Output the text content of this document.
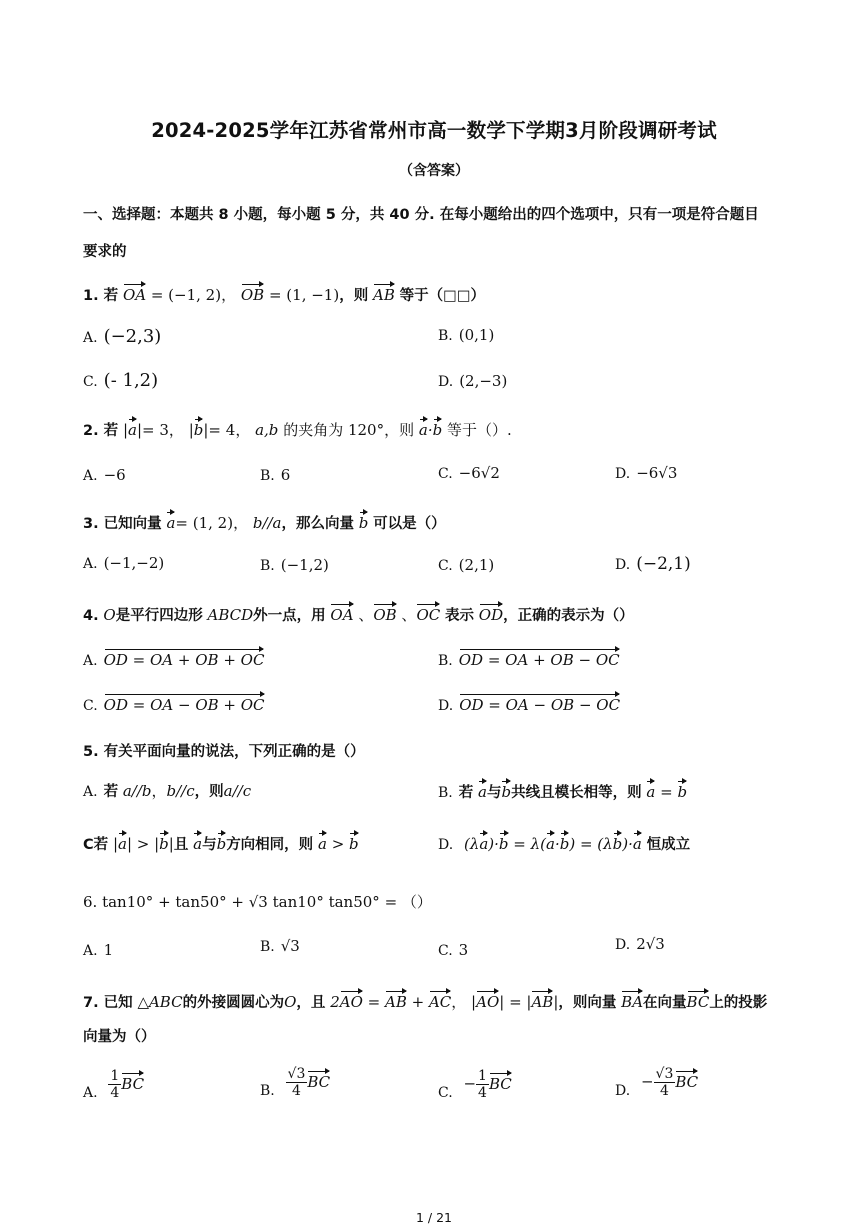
2024-2025学年江苏省常州市高一数学下学期3月阶段调研考试
（含答案）
一、选择题：本题共 8 小题，每小题 5 分，共 40 分. 在每小题给出的四个选项中，只有一项是符合题目
要求的
1. 若 OA = (−1, 2)， OB = (1, −1)，则 AB 等于（□□）
A. (−2,3)	B. (0,1)
C. (- 1,2)	D. (2,−3)
2. 若 |a|= 3， |b|= 4， a,b 的夹角为 120°，则 a·b 等于（）.
A. −6	B. 6	C. −6√2	D. −6√3
3. 已知向量 a= (1, 2)， b//a，那么向量 b 可以是（）
A. (−1,−2)	B. (−1,2)	C. (2,1)	D. (−2,1)
4. O是平行四边形 ABCD外一点，用 OA 、OB 、OC 表示 OD，正确的表示为（）
A. OD = OA + OB + OC	B. OD = OA + OB − OC
C. OD = OA − OB + OC	D. OD = OA − OB − OC
5. 有关平面向量的说法，下列正确的是（）
A. 若 a//b，b//c，则a//c	B. 若 a与b共线且模长相等，则 a = b
C若 |a| > |b|且 a与b方向相同，则 a > b	D. (λa)·b = λ(a·b) = (λb)·a 恒成立
6. tan10° + tan50° + √3 tan10° tan50° = （）
A. 1	B. √3	C. 3	D. 2√3
7. 已知 △ABC的外接圆圆心为O，且 2AO = AB + AC， |AO| = |AB|，则向量 BA在向量BC上的投影
向量为（）
A. $\frac{1}{4}$ BC	B. $\frac{√3}{4}$ BC
C. − $\frac{1}{4}$ BC	D. − $\frac{√3}{4}$ BC
1 / 21
